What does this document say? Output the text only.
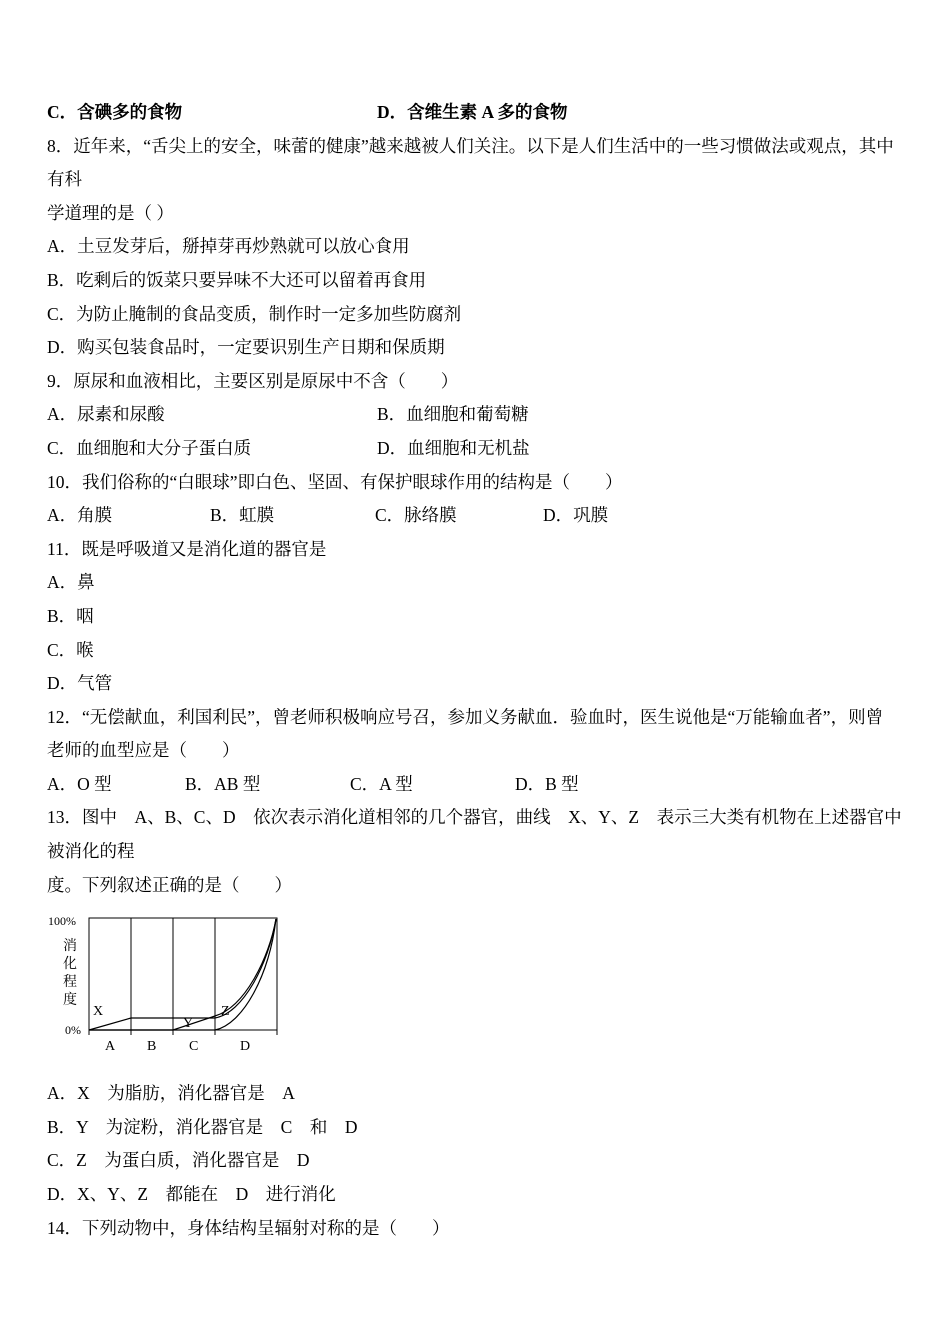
C．含碘多的食物	D．含维生素 A 多的食物

8．近年来，“舌尖上的安全，味蕾的健康”越来越被人们关注。以下是人们生活中的一些习惯做法或观点，其中有科

学道理的是（ ）

A．土豆发芽后，掰掉芽再炒熟就可以放心食用

B．吃剩后的饭菜只要异味不大还可以留着再食用

C．为防止腌制的食品变质，制作时一定多加些防腐剂

D．购买包装食品时，一定要识别生产日期和保质期

9．原尿和血液相比，主要区别是原尿中不含（　　）

A．尿素和尿酸	B．血细胞和葡萄糖

C．血细胞和大分子蛋白质	D．血细胞和无机盐

10．我们俗称的“白眼球”即白色、坚固、有保护眼球作用的结构是（　　）

A．角膜	B．虹膜	C．脉络膜	D．巩膜

11．既是呼吸道又是消化道的器官是

A．鼻

B．咽

C．喉

D．气管

12．“无偿献血，利国利民”，曾老师积极响应号召，参加义务献血．验血时，医生说他是“万能输血者”，则曾

老师的血型应是（　　）

A．O 型	B．AB 型	C．A 型	D．B 型

13．图中　A、B、C、D　依次表示消化道相邻的几个器官，曲线　X、Y、Z　表示三大类有机物在上述器官中被消化的程

度。下列叙述正确的是（　　）

100%
消
化
程
度
0%
A B C	D
X
Y
Z

A．X　为脂肪，消化器官是　A

B．Y　为淀粉，消化器官是　C　和　D

C．Z　为蛋白质，消化器官是　D

D．X、Y、Z　都能在　D　进行消化

14．下列动物中，身体结构呈辐射对称的是（　　）
